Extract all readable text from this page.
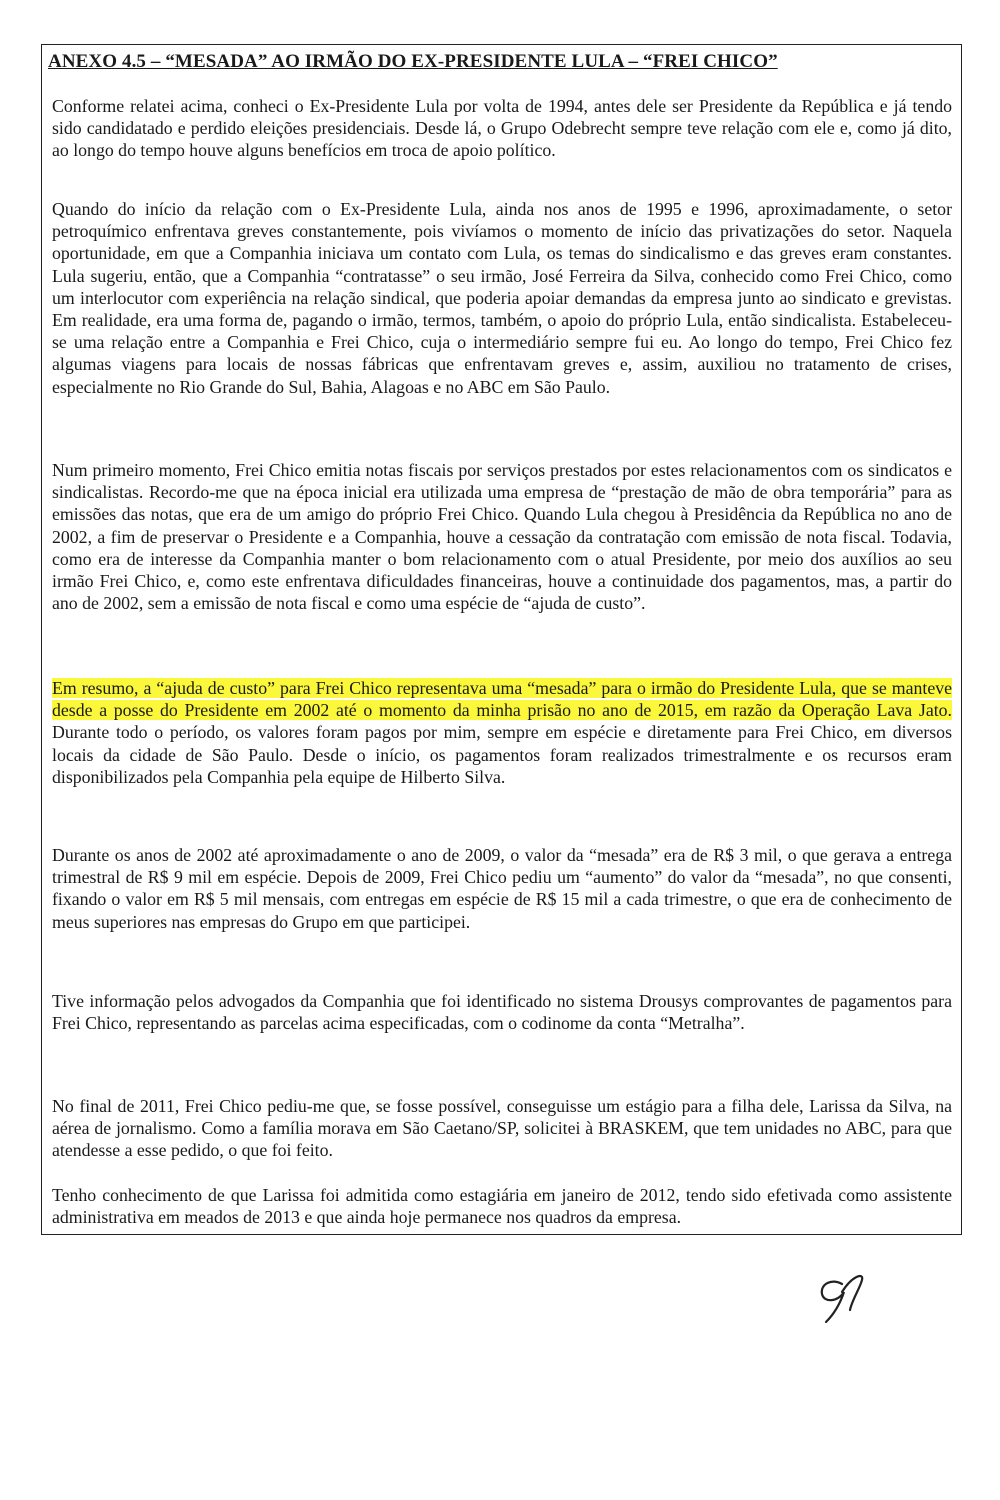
ANEXO 4.5 – “MESADA” AO IRMÃO DO EX-PRESIDENTE LULA – “FREI CHICO”

Conforme relatei acima, conheci o Ex-Presidente Lula por volta de 1994, antes dele ser Presidente da República e já tendo sido candidatado e perdido eleições presidenciais. Desde lá, o Grupo Odebrecht sempre teve relação com ele e, como já dito, ao longo do tempo houve alguns benefícios em troca de apoio político.

Quando do início da relação com o Ex-Presidente Lula, ainda nos anos de 1995 e 1996, aproximadamente, o setor petroquímico enfrentava greves constantemente, pois vivíamos o momento de início das privatizações do setor. Naquela oportunidade, em que a Companhia iniciava um contato com Lula, os temas do sindicalismo e das greves eram constantes. Lula sugeriu, então, que a Companhia “contratasse” o seu irmão, José Ferreira da Silva, conhecido como Frei Chico, como um interlocutor com experiência na relação sindical, que poderia apoiar demandas da empresa junto ao sindicato e grevistas. Em realidade, era uma forma de, pagando o irmão, termos, também, o apoio do próprio Lula, então sindicalista. Estabeleceu-se uma relação entre a Companhia e Frei Chico, cuja o intermediário sempre fui eu. Ao longo do tempo, Frei Chico fez algumas viagens para locais de nossas fábricas que enfrentavam greves e, assim, auxiliou no tratamento de crises, especialmente no Rio Grande do Sul, Bahia, Alagoas e no ABC em São Paulo.

Num primeiro momento, Frei Chico emitia notas fiscais por serviços prestados por estes relacionamentos com os sindicatos e sindicalistas. Recordo-me que na época inicial era utilizada uma empresa de “prestação de mão de obra temporária” para as emissões das notas, que era de um amigo do próprio Frei Chico. Quando Lula chegou à Presidência da República no ano de 2002, a fim de preservar o Presidente e a Companhia, houve a cessação da contratação com emissão de nota fiscal. Todavia, como era de interesse da Companhia manter o bom relacionamento com o atual Presidente, por meio dos auxílios ao seu irmão Frei Chico, e, como este enfrentava dificuldades financeiras, houve a continuidade dos pagamentos, mas, a partir do ano de 2002, sem a emissão de nota fiscal e como uma espécie de “ajuda de custo”.

Em resumo, a “ajuda de custo” para Frei Chico representava uma “mesada” para o irmão do Presidente Lula, que se manteve desde a posse do Presidente em 2002 até o momento da minha prisão no ano de 2015, em razão da Operação Lava Jato. Durante todo o período, os valores foram pagos por mim, sempre em espécie e diretamente para Frei Chico, em diversos locais da cidade de São Paulo. Desde o início, os pagamentos foram realizados trimestralmente e os recursos eram disponibilizados pela Companhia pela equipe de Hilberto Silva.

Durante os anos de 2002 até aproximadamente o ano de 2009, o valor da “mesada” era de R$ 3 mil, o que gerava a entrega trimestral de R$ 9 mil em espécie. Depois de 2009, Frei Chico pediu um “aumento” do valor da “mesada”, no que consenti, fixando o valor em R$ 5 mil mensais, com entregas em espécie de R$ 15 mil a cada trimestre, o que era de conhecimento de meus superiores nas empresas do Grupo em que participei.

Tive informação pelos advogados da Companhia que foi identificado no sistema Drousys comprovantes de pagamentos para Frei Chico, representando as parcelas acima especificadas, com o codinome da conta “Metralha”.

No final de 2011, Frei Chico pediu-me que, se fosse possível, conseguisse um estágio para a filha dele, Larissa da Silva, na aérea de jornalismo. Como a família morava em São Caetano/SP, solicitei à BRASKEM, que tem unidades no ABC, para que atendesse a esse pedido, o que foi feito.

Tenho conhecimento de que Larissa foi admitida como estagiária em janeiro de 2012, tendo sido efetivada como assistente administrativa em meados de 2013 e que ainda hoje permanece nos quadros da empresa.
